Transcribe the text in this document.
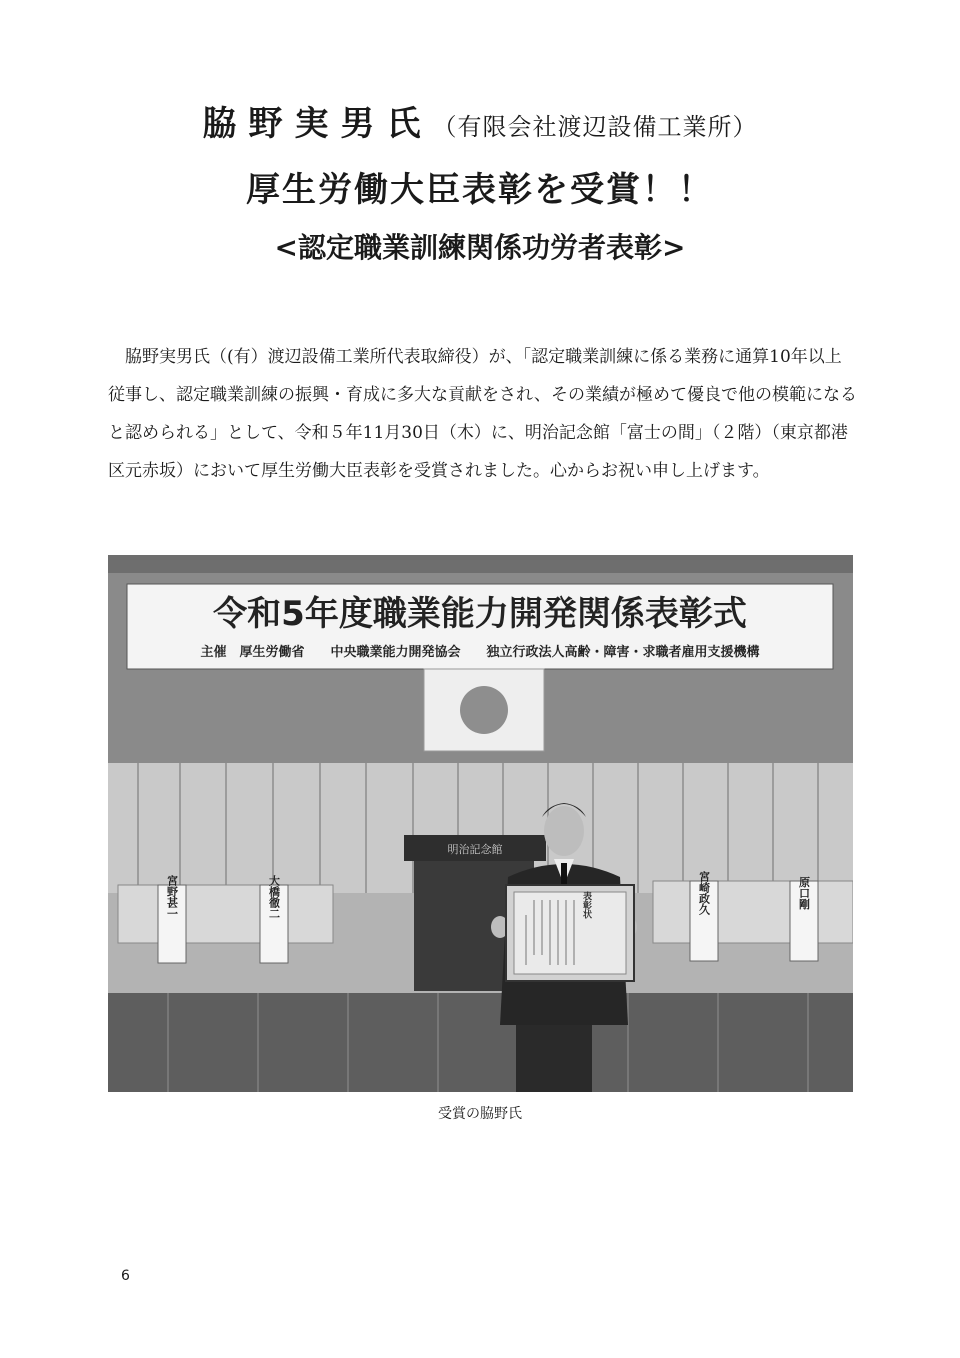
脇野実男氏（有限会社渡辺設備工業所）
厚生労働大臣表彰を受賞！！
<認定職業訓練関係功労者表彰>

脇野実男氏（(有）渡辺設備工業所代表取締役）が、「認定職業訓練に係る業務に通算10年以上従事し、認定職業訓練の振興・育成に多大な貢献をされ、その業績が極めて優良で他の模範になると認められる」として、令和５年11月30日（木）に、明治記念館「富士の間」（２階）（東京都港区元赤坂）において厚生労働大臣表彰を受賞されました。心からお祝い申し上げます。

令和5年度職業能力開発関係表彰式
主催　厚生労働省　　中央職業能力開発協会　　独立行政法人高齢・障害・求職者雇用支援機構
宮野甚一	大橋徹二
明治記念館
宮崎政久	原口剛
表彰状
受賞の脇野氏
6
